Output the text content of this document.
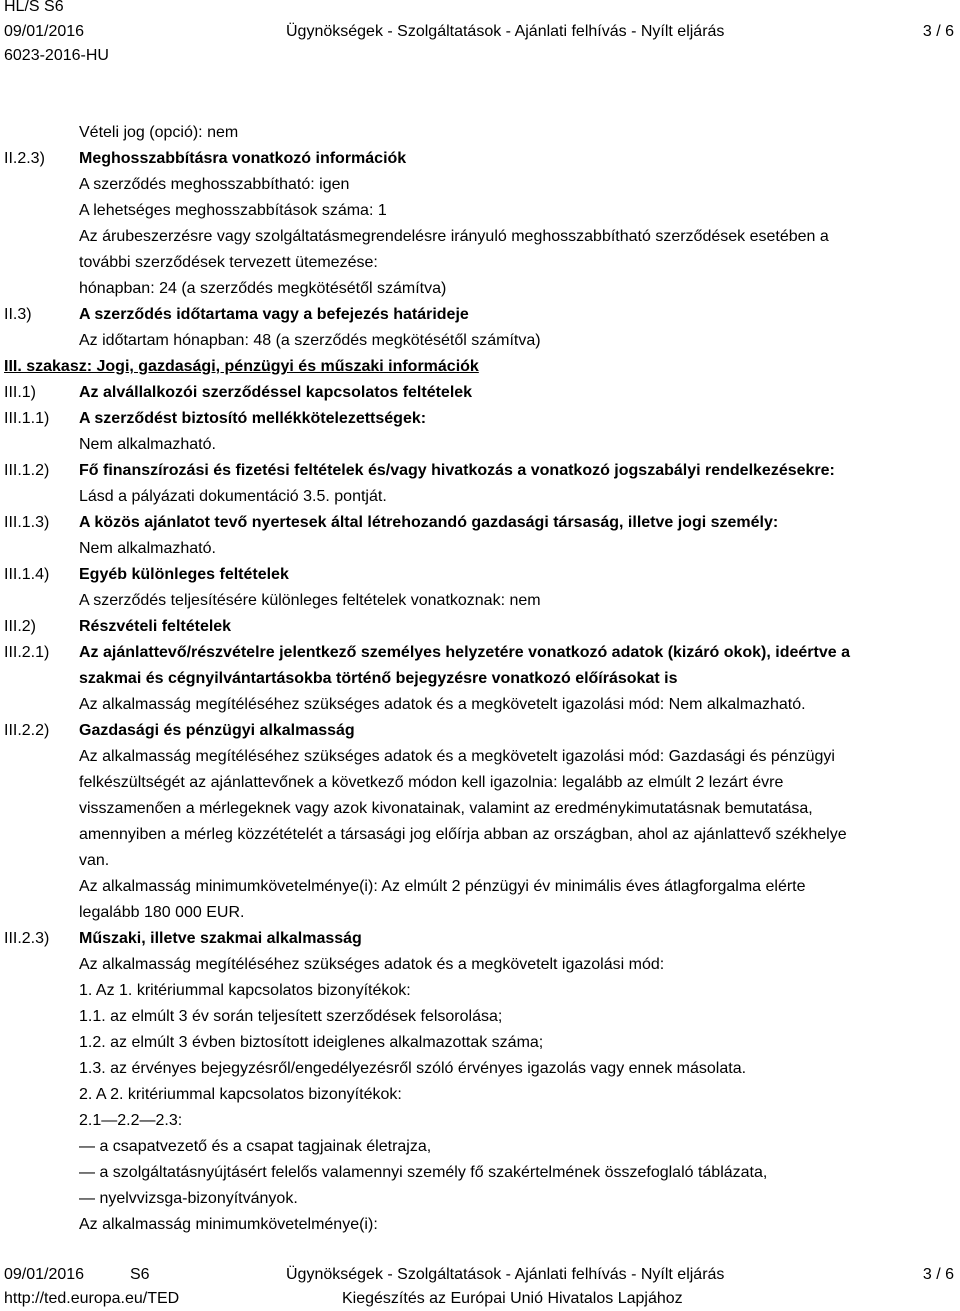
HL/S S6
09/01/2016
6023-2016-HU
Ügynökségek - Szolgáltatások - Ajánlati felhívás - Nyílt eljárás	3 / 6

Vételi jog (opció): nem

II.2.3)	Meghosszabbításra vonatkozó információk

A szerződés meghosszabbítható: igen

A lehetséges meghosszabbítások száma: 1

Az árubeszerzésre vagy szolgáltatásmegrendelésre irányuló meghosszabbítható szerződések esetében a

további szerződések tervezett ütemezése:

hónapban: 24 (a szerződés megkötésétől számítva)

II.3)	A szerződés időtartama vagy a befejezés határideje

Az időtartam hónapban: 48 (a szerződés megkötésétől számítva)

III. szakasz: Jogi, gazdasági, pénzügyi és műszaki információk
III.1)	Az alvállalkozói szerződéssel kapcsolatos feltételek

III.1.1)	A szerződést biztosító mellékkötelezettségek:

Nem alkalmazható.

III.1.2)	Fő finanszírozási és fizetési feltételek és/vagy hivatkozás a vonatkozó jogszabályi rendelkezésekre:

Lásd a pályázati dokumentáció 3.5. pontját.

III.1.3)	A közös ajánlatot tevő nyertesek által létrehozandó gazdasági társaság, illetve jogi személy:

Nem alkalmazható.

III.1.4)	Egyéb különleges feltételek

A szerződés teljesítésére különleges feltételek vonatkoznak: nem

III.2)	Részvételi feltételek

III.2.1)	Az ajánlattevő/részvételre jelentkező személyes helyzetére vonatkozó adatok (kizáró okok), ideértve a

szakmai és cégnyilvántartásokba történő bejegyzésre vonatkozó előírásokat is

Az alkalmasság megítéléséhez szükséges adatok és a megkövetelt igazolási mód: Nem alkalmazható.

III.2.2)	Gazdasági és pénzügyi alkalmasság

Az alkalmasság megítéléséhez szükséges adatok és a megkövetelt igazolási mód: Gazdasági és pénzügyi

felkészültségét az ajánlattevőnek a következő módon kell igazolnia: legalább az elmúlt 2 lezárt évre

visszamenően a mérlegeknek vagy azok kivonatainak, valamint az eredménykimutatásnak bemutatása,

amennyiben a mérleg közzétételét a társasági jog előírja abban az országban, ahol az ajánlattevő székhelye

van.

Az alkalmasság minimumkövetelménye(i): Az elmúlt 2 pénzügyi év minimális éves átlagforgalma elérte

legalább 180 000 EUR.

III.2.3)	Műszaki, illetve szakmai alkalmasság

Az alkalmasság megítéléséhez szükséges adatok és a megkövetelt igazolási mód:

1. Az 1. kritériummal kapcsolatos bizonyítékok:

1.1. az elmúlt 3 év során teljesített szerződések felsorolása;

1.2. az elmúlt 3 évben biztosított ideiglenes alkalmazottak száma;

1.3. az érvényes bejegyzésről/engedélyezésről szóló érvényes igazolás vagy ennek másolata.

2. A 2. kritériummal kapcsolatos bizonyítékok:

2.1—2.2—2.3:

— a csapatvezető és a csapat tagjainak életrajza,

— a szolgáltatásnyújtásért felelős valamennyi személy fő szakértelmének összefoglaló táblázata,

— nyelvvizsga-bizonyítványok.

Az alkalmasság minimumkövetelménye(i):

09/01/2016	S6	Ügynökségek - Szolgáltatások - Ajánlati felhívás - Nyílt eljárás	3 / 6
http://ted.europa.eu/TED	Kiegészítés az Európai Unió Hivatalos Lapjához
